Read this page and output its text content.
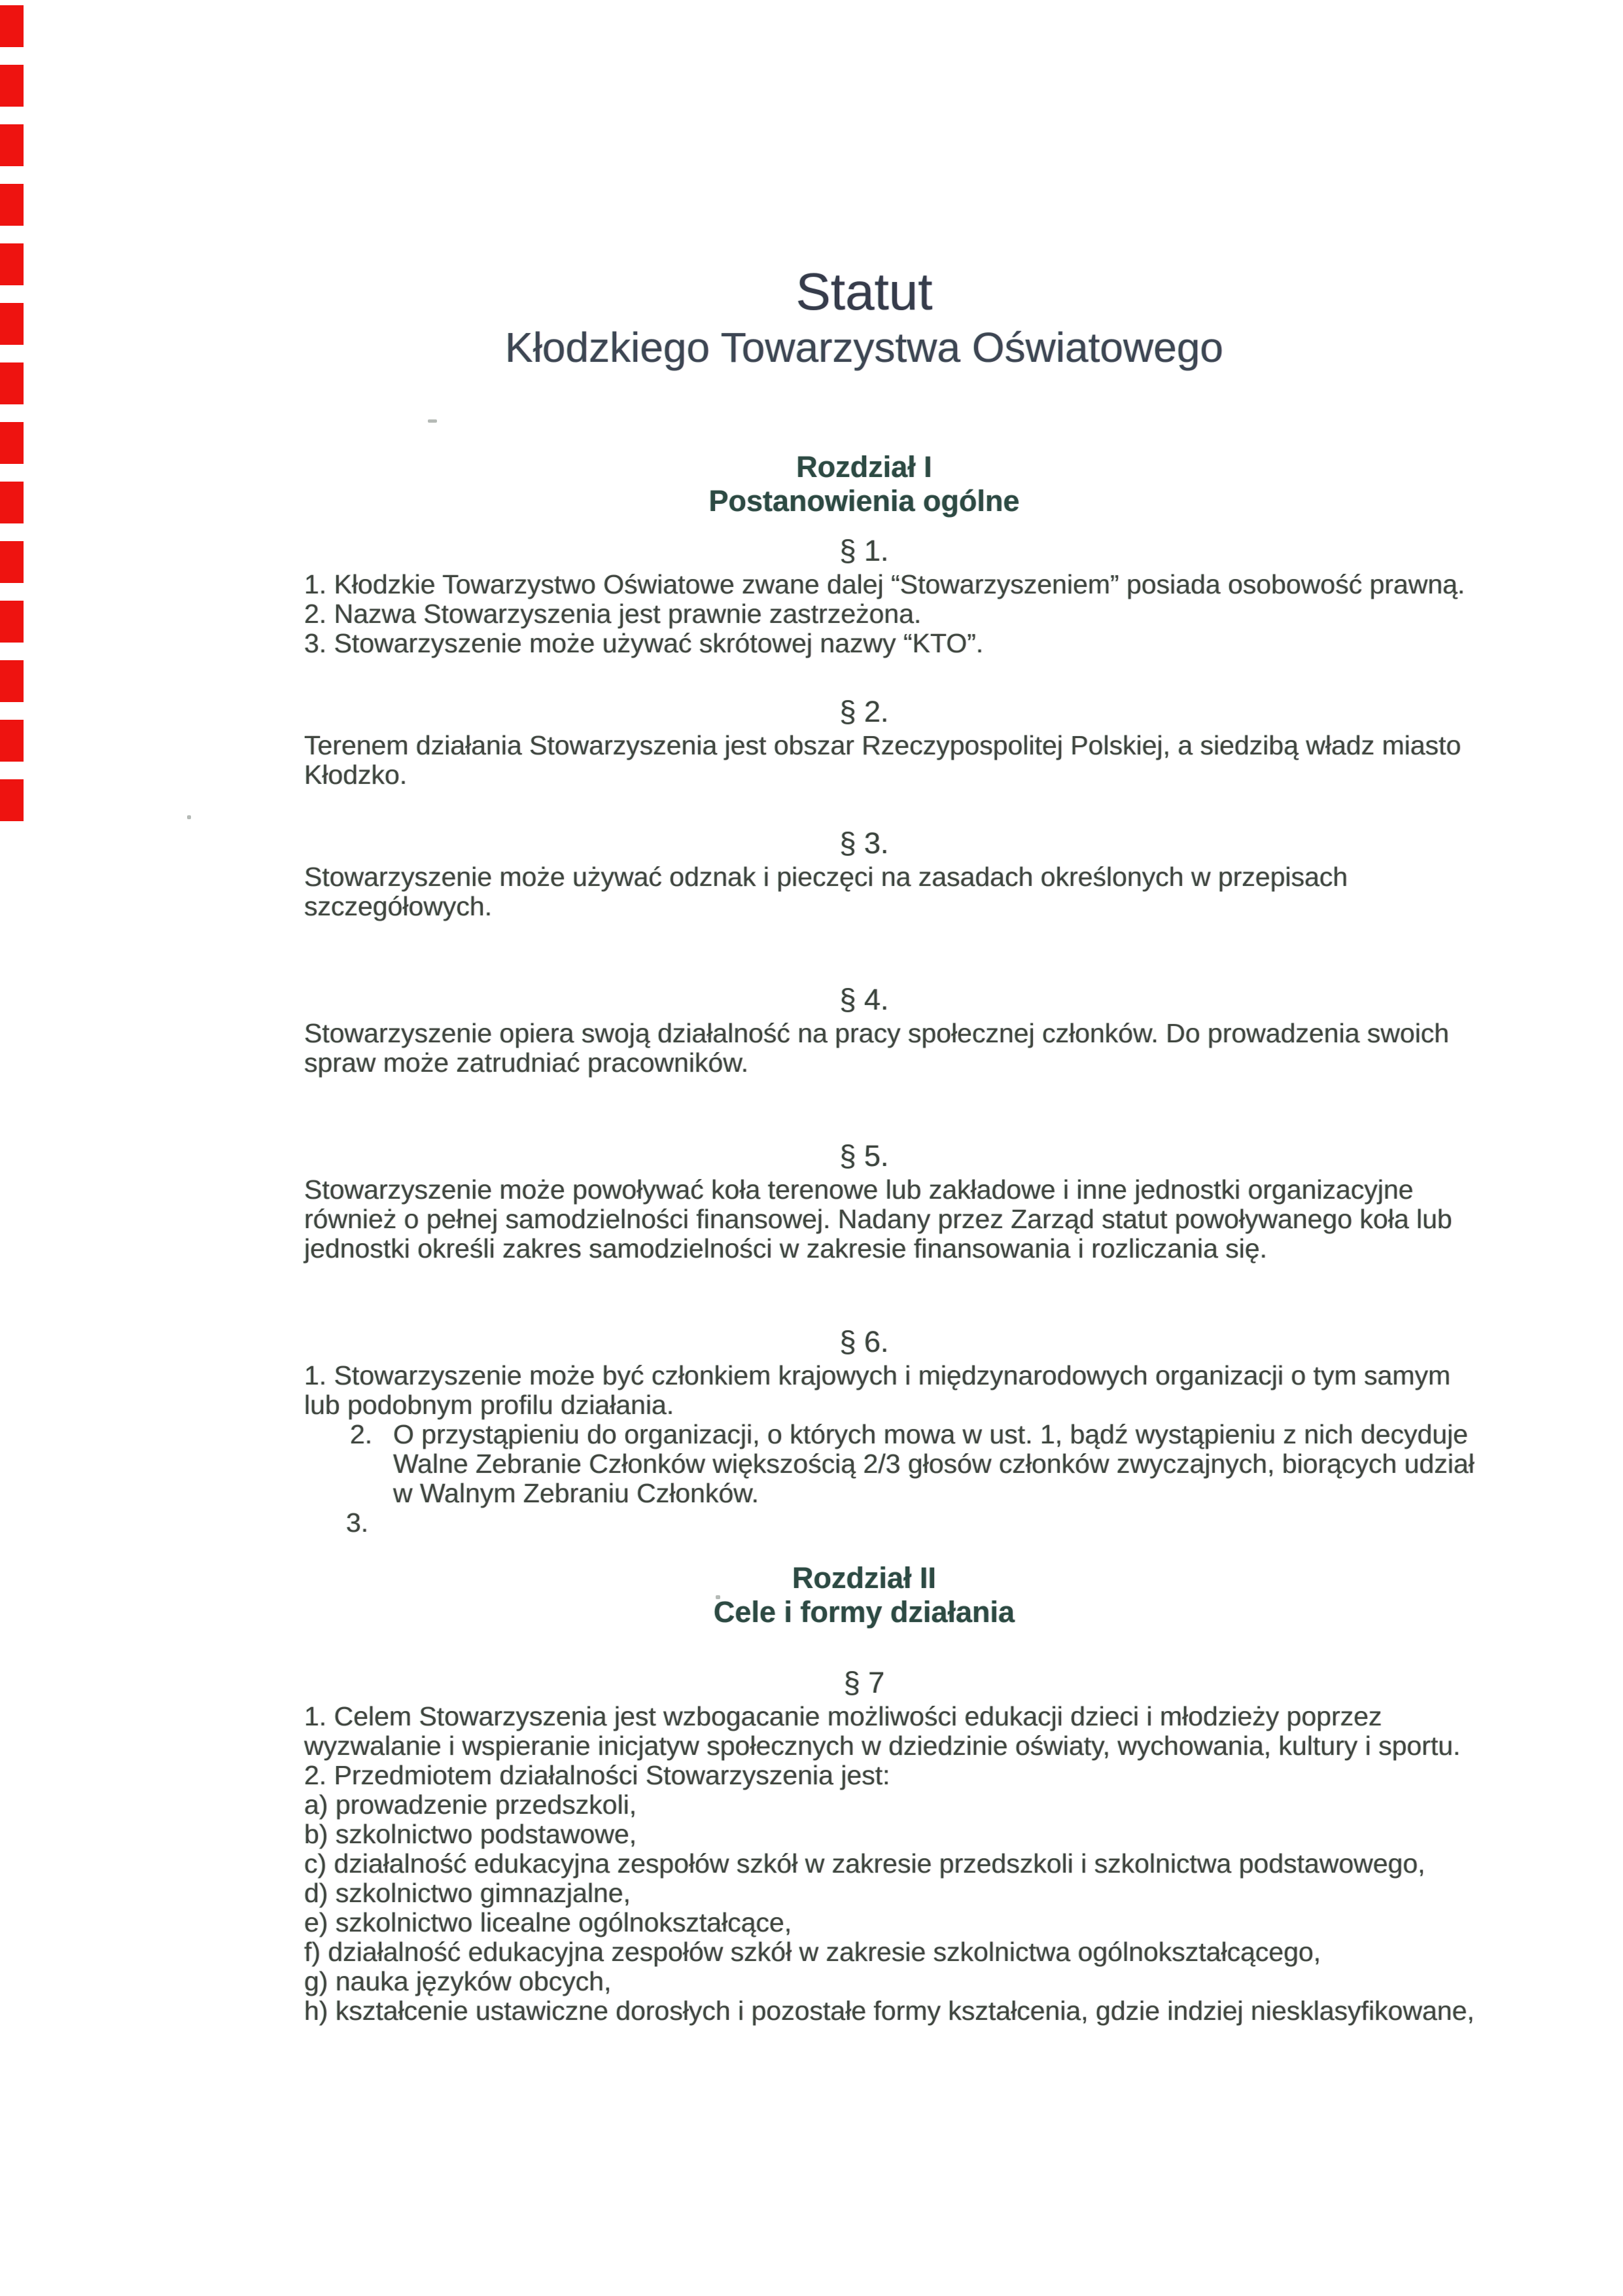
Statut
Kłodzkiego Towarzystwa Oświatowego
Rozdział I
Postanowienia ogólne
§ 1.
1. Kłodzkie Towarzystwo Oświatowe zwane dalej “Stowarzyszeniem” posiada osobowość prawną.
2. Nazwa Stowarzyszenia jest prawnie zastrzeżona.
3. Stowarzyszenie może używać skrótowej nazwy “KTO”.
§ 2.
Terenem działania Stowarzyszenia jest obszar Rzeczypospolitej Polskiej, a siedzibą władz miasto
Kłodzko.
§ 3.
Stowarzyszenie może używać odznak i pieczęci na zasadach określonych w przepisach
szczegółowych.
§ 4.
Stowarzyszenie opiera swoją działalność na pracy społecznej członków. Do prowadzenia swoich
spraw może zatrudniać pracowników.
§ 5.
Stowarzyszenie może powoływać koła terenowe lub zakładowe i inne jednostki organizacyjne
również o pełnej samodzielności finansowej. Nadany przez Zarząd statut powoływanego koła lub
jednostki określi zakres samodzielności w zakresie finansowania i rozliczania się.
§ 6.
1. Stowarzyszenie może być członkiem krajowych i międzynarodowych organizacji o tym samym
lub podobnym profilu działania.
2. O przystąpieniu do organizacji, o których mowa w ust. 1, bądź wystąpieniu z nich decyduje
Walne Zebranie Członków większością 2/3 głosów członków zwyczajnych, biorących udział
w Walnym Zebraniu Członków.
3.
Rozdział II
Cele i formy działania
§ 7
1. Celem Stowarzyszenia jest wzbogacanie możliwości edukacji dzieci i młodzieży poprzez
wyzwalanie i wspieranie inicjatyw społecznych w dziedzinie oświaty, wychowania, kultury i sportu.
2. Przedmiotem działalności Stowarzyszenia jest:
a) prowadzenie przedszkoli,
b) szkolnictwo podstawowe,
c) działalność edukacyjna zespołów szkół w zakresie przedszkoli i szkolnictwa podstawowego,
d) szkolnictwo gimnazjalne,
e) szkolnictwo licealne ogólnokształcące,
f) działalność edukacyjna zespołów szkół w zakresie szkolnictwa ogólnokształcącego,
g) nauka języków obcych,
h) kształcenie ustawiczne dorosłych i pozostałe formy kształcenia, gdzie indziej niesklasyfikowane,
